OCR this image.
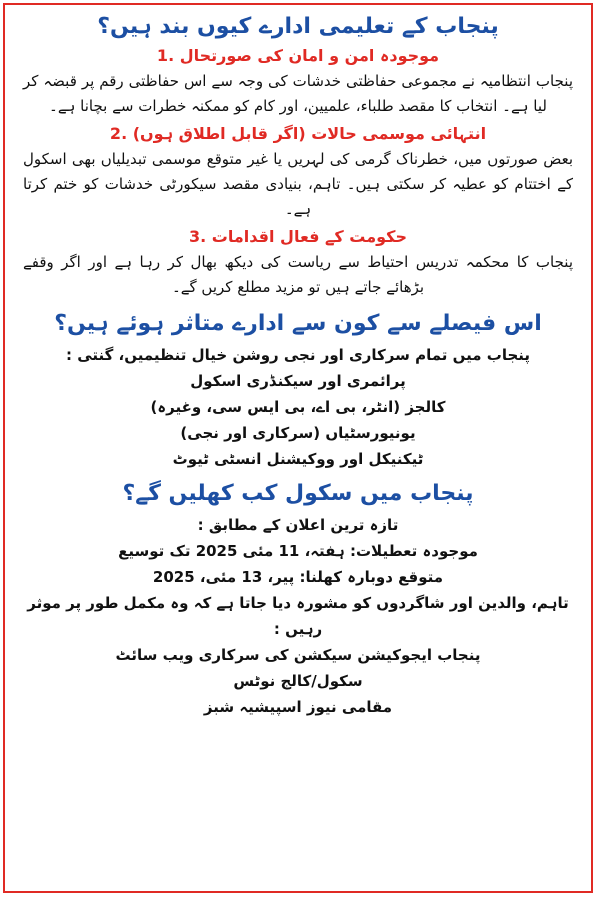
پنجاب کے تعلیمی ادارے کیوں بند ہیں؟
موجودہ امن و امان کی صورتحال .1

پنجاب انتظامیہ نے مجموعی حفاظتی خدشات کی وجہ سے اس حفاظتی رقم پر قبضہ کر لیا ہے۔ انتخاب کا مقصد طلباء، علمیین، اور کام کو ممکنہ خطرات سے بچانا ہے۔

انتہائی موسمی حالات (اگر قابل اطلاق ہوں) .2

بعض صورتوں میں، خطرناک گرمی کی لہریں یا غیر متوقع موسمی تبدیلیاں بھی اسکول کے اختتام کو عطیہ کر سکتی ہیں۔ تاہم، بنیادی مقصد سیکورٹی خدشات کو ختم کرتا ہے۔

حکومت کے فعال اقدامات .3

پنجاب کا محکمہ تدریس احتیاط سے ریاست کی دیکھ بھال کر رہا ہے اور اگر وقفے بڑھائے جاتے ہیں تو مزید مطلع کریں گے۔

اس فیصلے سے کون سے ادارے متاثر ہوئے ہیں؟

پنجاب میں تمام سرکاری اور نجی روشن خیال تنظیمیں، گنتی :

پرائمری اور سیکنڈری اسکول

کالجز (انٹر، بی اے، بی ایس سی، وغیرہ)

یونیورسٹیاں (سرکاری اور نجی)

ٹیکنیکل اور ووکیشنل انسٹی ٹیوٹ

پنجاب میں سکول کب کھلیں گے؟

تازہ ترین اعلان کے مطابق :

موجودہ تعطیلات: ہفتہ، 11 مئی 2025 تک توسیع

متوقع دوبارہ کھلنا: پیر، 13 مئی، 2025

تاہم، والدین اور شاگردوں کو مشورہ دیا جاتا ہے کہ وہ مکمل طور پر موثر رہیں :

پنجاب ایجوکیشن سیکشن کی سرکاری ویب سائٹ

سکول/کالج نوٹس

مقامی نیوز اسپیشیہ شبز
